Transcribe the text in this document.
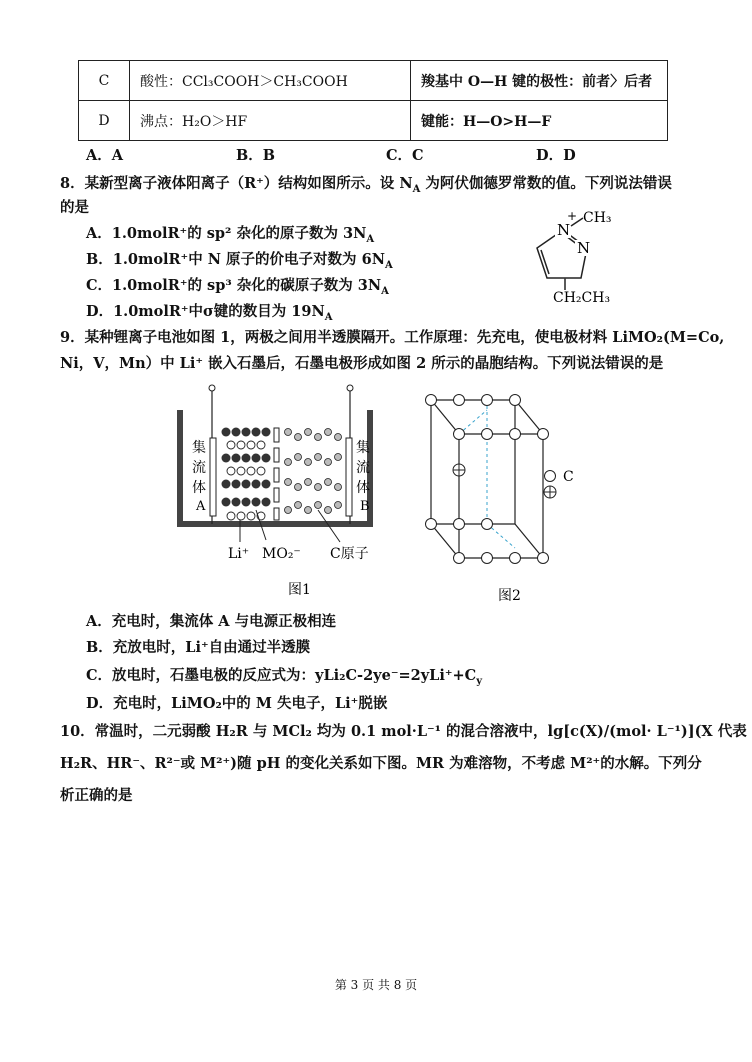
C	酸性：CCl₃COOH＞CH₃COOH	羧基中 O—H 键的极性：前者〉后者
D	沸点：H₂O＞HF	键能：H—O>H—F
A．A	B．B	C．C	D．D
8．某新型离子液体阳离子（R⁺）结构如图所示。设 $N_A$ 为阿伏伽德罗常数的值。下列说法错误
的是
A．1.0molR⁺的 sp² 杂化的原子数为 $3N_A$
B．1.0molR⁺中 N 原子的价电子对数为 $6N_A$
C．1.0molR⁺的 sp³ 杂化的碳原子数为 $3N_A$
D．1.0molR⁺中σ键的数目为 $19N_A$
N
+ CH₃
N
CH₂CH₃
9．某种锂离子电池如图 1，两极之间用半透膜隔开。工作原理：先充电，使电极材料 LiMO₂(M=Co,
Ni，V，Mn）中 Li⁺ 嵌入石墨后，石墨电极形成如图 2 所示的晶胞结构。下列说法错误的是
集
流
体
A
集
流
体
B
Li⁺ MO₂⁻ C原子
图1
C
图2
A．充电时，集流体 A 与电源正极相连
B．充放电时，Li⁺自由通过半透膜
C．放电时，石墨电极的反应式为：yLi₂C-$2ye^-=2yLi^++C_y$
D．充电时，LiMO₂中的 M 失电子，Li⁺脱嵌
10．常温时，二元弱酸 H₂R 与 MCl₂ 均为 0.1 mol·L⁻¹ 的混合溶液中，lg[c(X)/(mol· L⁻¹)](X 代表
H₂R、HR⁻、R²⁻或 M²⁺)随 pH 的变化关系如下图。MR 为难溶物，不考虑 M²⁺的水解。下列分
析正确的是
第 3 页 共 8 页
